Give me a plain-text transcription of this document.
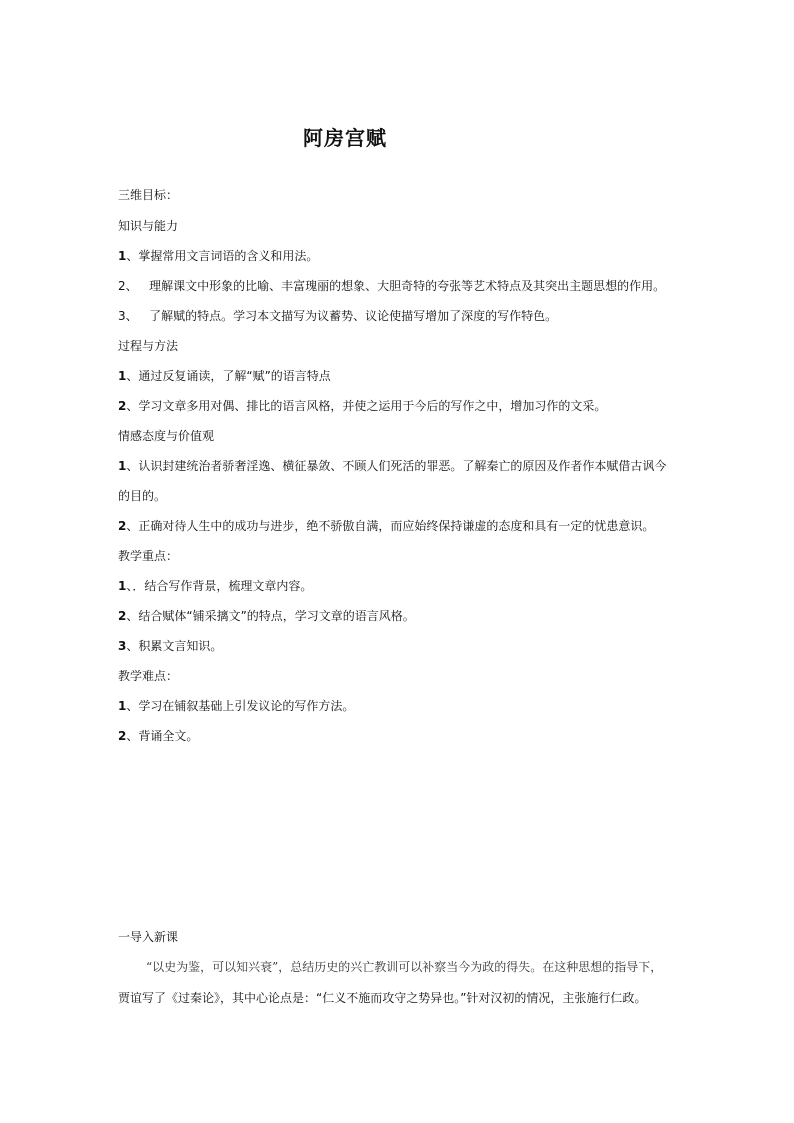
阿房宫赋
三维目标：
知识与能力
1、掌握常用文言词语的含义和用法。
2、 理解课文中形象的比喻、丰富瑰丽的想象、大胆奇特的夸张等艺术特点及其突出主题思想的作用。
3、 了解赋的特点。学习本文描写为议蓄势、议论使描写增加了深度的写作特色。
过程与方法
1、通过反复诵读，了解“赋”的语言特点
2、学习文章多用对偶、排比的语言风格，并使之运用于今后的写作之中，增加习作的文采。
情感态度与价值观
1、认识封建统治者骄奢淫逸、横征暴敛、不顾人们死活的罪恶。了解秦亡的原因及作者作本赋借古讽今
的目的。
2、正确对待人生中的成功与进步，绝不骄傲自满，而应始终保持谦虚的态度和具有一定的忧患意识。
教学重点：
1、．结合写作背景，梳理文章内容。
2、结合赋体“铺采摛文”的特点，学习文章的语言风格。
3、积累文言知识。
教学难点：
1、学习在铺叙基础上引发议论的写作方法。
2、背诵全文。
一导入新课
“以史为鉴，可以知兴衰”，总结历史的兴亡教训可以补察当今为政的得失。在这种思想的指导下，
贾谊写了《过秦论》，其中心论点是：“仁义不施而攻守之势异也。”针对汉初的情况，主张施行仁政。
